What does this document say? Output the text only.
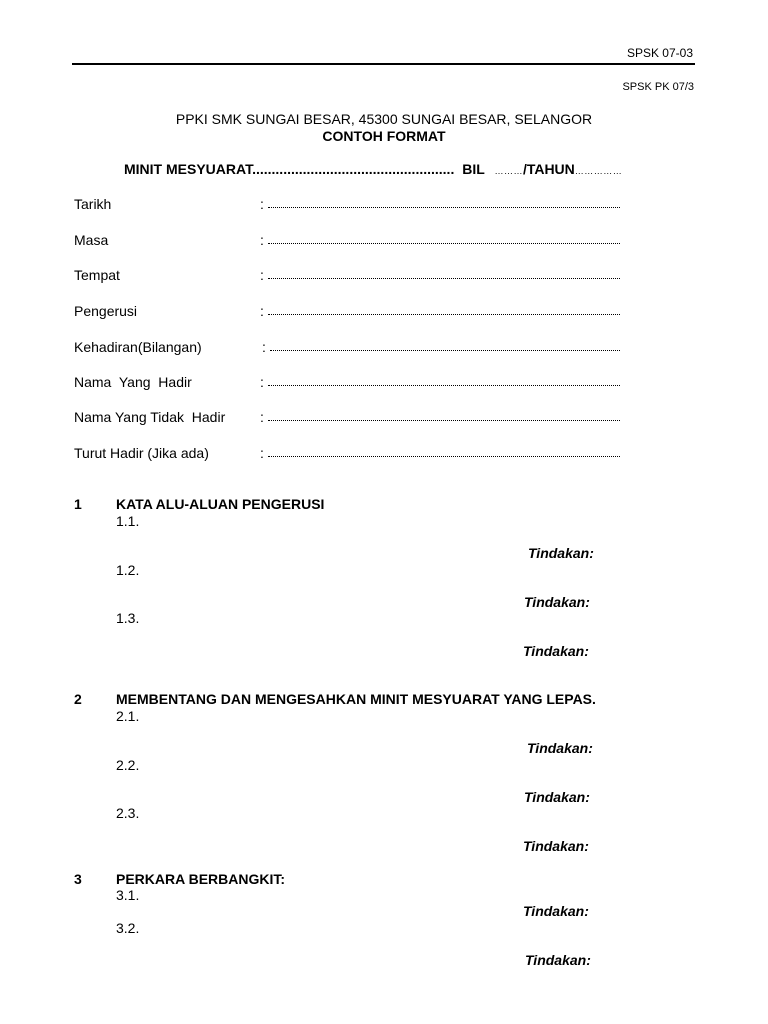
SPSK 07-03
SPSK PK 07/3
PPKI SMK SUNGAI BESAR, 45300 SUNGAI BESAR, SELANGOR
CONTOH FORMAT
MINIT MESYUARAT.................................................... BIL ………/TAHUN……………
Tarikh	:
Masa	:
Tempat	:
Pengerusi	:
Kehadiran(Bilangan)	:
Nama  Yang  Hadir	:
Nama Yang Tidak  Hadir :
Turut Hadir (Jika ada)	:
1 KATA ALU-ALUAN PENGERUSI
1.1.
Tindakan:
1.2.
Tindakan:
1.3.
Tindakan:
2 MEMBENTANG DAN MENGESAHKAN MINIT MESYUARAT YANG LEPAS.
2.1.
Tindakan:
2.2.
Tindakan:
2.3.
Tindakan:
3 PERKARA BERBANGKIT:
3.1.
Tindakan:
3.2.
Tindakan:
